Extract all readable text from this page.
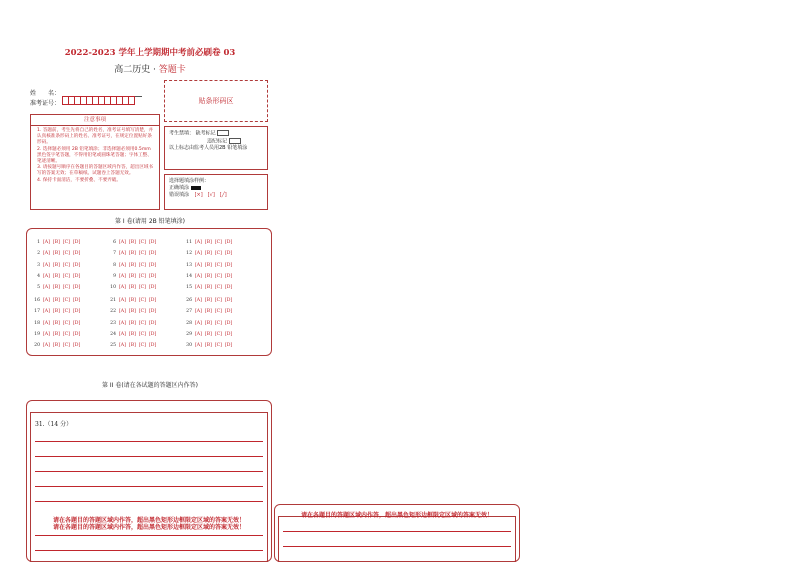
2022-2023 学年上学期期中考前必刷卷 03
高二历史 · 答题卡
姓　　名：
准考证号：	贴条形码区
注意事项
1. 答题前，考生先将自己的姓名，准考证号填写清楚，并认真核准条形码上的姓名、准考证号，在规定位置贴好条形码。
2. 选择题必须用 2B 铅笔填涂；非选择题必须用0.5mm黑色签字笔答题，不得用铅笔或圆珠笔答题；字体工整、笔迹清晰。
3. 请按题号顺序在各题目的答题区域内作答，超出区域书写的答案无效；在草稿纸、试题卷上答题无效。
4. 保持卡面清洁，不要折叠、不要弄破。
考生禁填： 缺考标记
违纪标记
以上标志由监考人员用2B 铅笔填涂
选择题填涂样例：
正确填涂
错误填涂 [×]　[√]　[╱]
第 I 卷(请用 2B 铅笔填涂)
1 [A] [B] [C] [D]
2 [A] [B] [C] [D]
3 [A] [B] [C] [D]
4 [A] [B] [C] [D]
5 [A] [B] [C] [D]
6 [A] [B] [C] [D]
7 [A] [B] [C] [D]
8 [A] [B] [C] [D]
9 [A] [B] [C] [D]
10 [A] [B] [C] [D]
11 [A] [B] [C] [D]
12 [A] [B] [C] [D]
13 [A] [B] [C] [D]
14 [A] [B] [C] [D]
15 [A] [B] [C] [D]
16 [A] [B] [C] [D]
17 [A] [B] [C] [D]
18 [A] [B] [C] [D]
19 [A] [B] [C] [D]
20 [A] [B] [C] [D]
21 [A] [B] [C] [D]
22 [A] [B] [C] [D]
23 [A] [B] [C] [D]
24 [A] [B] [C] [D]
25 [A] [B] [C] [D]
26 [A] [B] [C] [D]
27 [A] [B] [C] [D]
28 [A] [B] [C] [D]
29 [A] [B] [C] [D]
30 [A] [B] [C] [D]
第 II 卷(请在各试题的答题区内作答)
31.（14 分）
请在各题目的答题区域内作答，超出黑色矩形边框限定区域的答案无效！
请在各题目的答题区域内作答，超出黑色矩形边框限定区域的答案无效！
请在各题目的答题区域内作答，超出黑色矩形边框限定区域的答案无效！
